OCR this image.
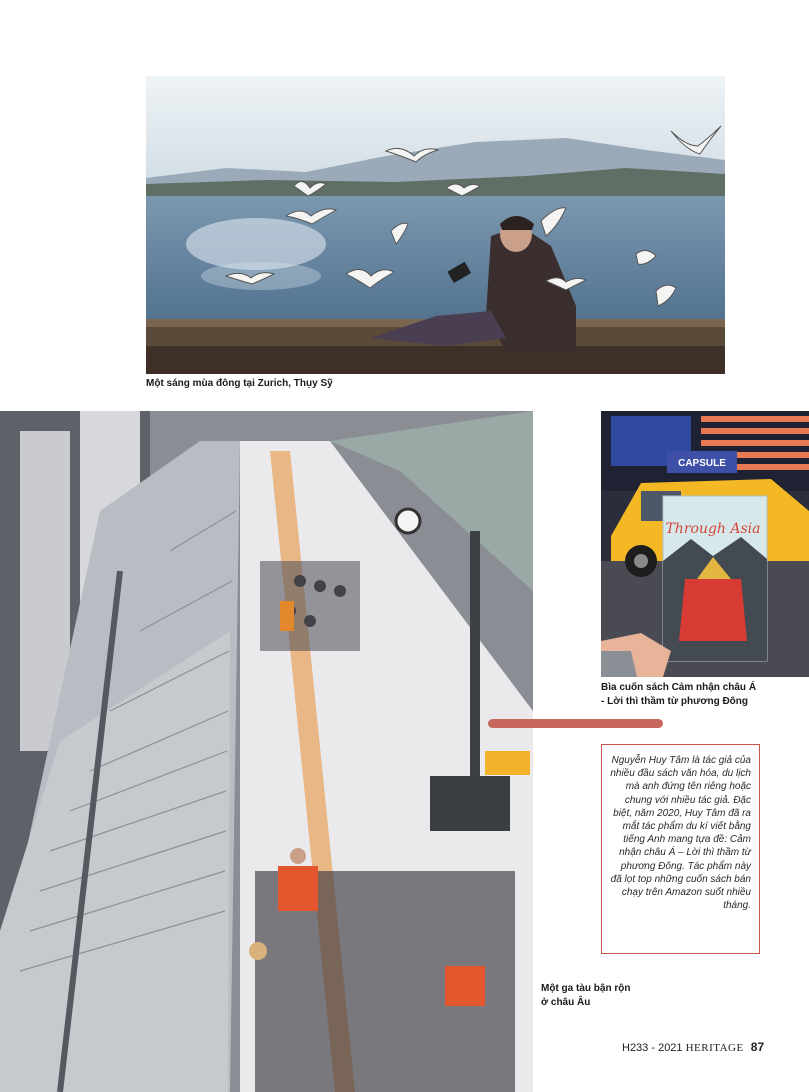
Một sáng mùa đông tại Zurich, Thụy Sỹ
Một ga tàu bận rộn
ở châu Âu
CAPSULE
Through Asia
Bìa cuốn sách Cảm nhận châu Á
- Lời thì thầm từ phương Đông
Nguyễn Huy Tâm là tác giả của nhiều đầu sách văn hóa, du lịch mà anh đứng tên riêng hoặc chung với nhiều tác giả. Đặc biệt, năm 2020, Huy Tâm đã ra mắt tác phẩm du kí viết bằng tiếng Anh mang tựa đề: Cảm nhận châu Á – Lời thì thầm từ phương Đông. Tác phẩm này đã lọt top những cuốn sách bán chạy trên Amazon suốt nhiều tháng.
H233 - 2021 HERITAGE 87
